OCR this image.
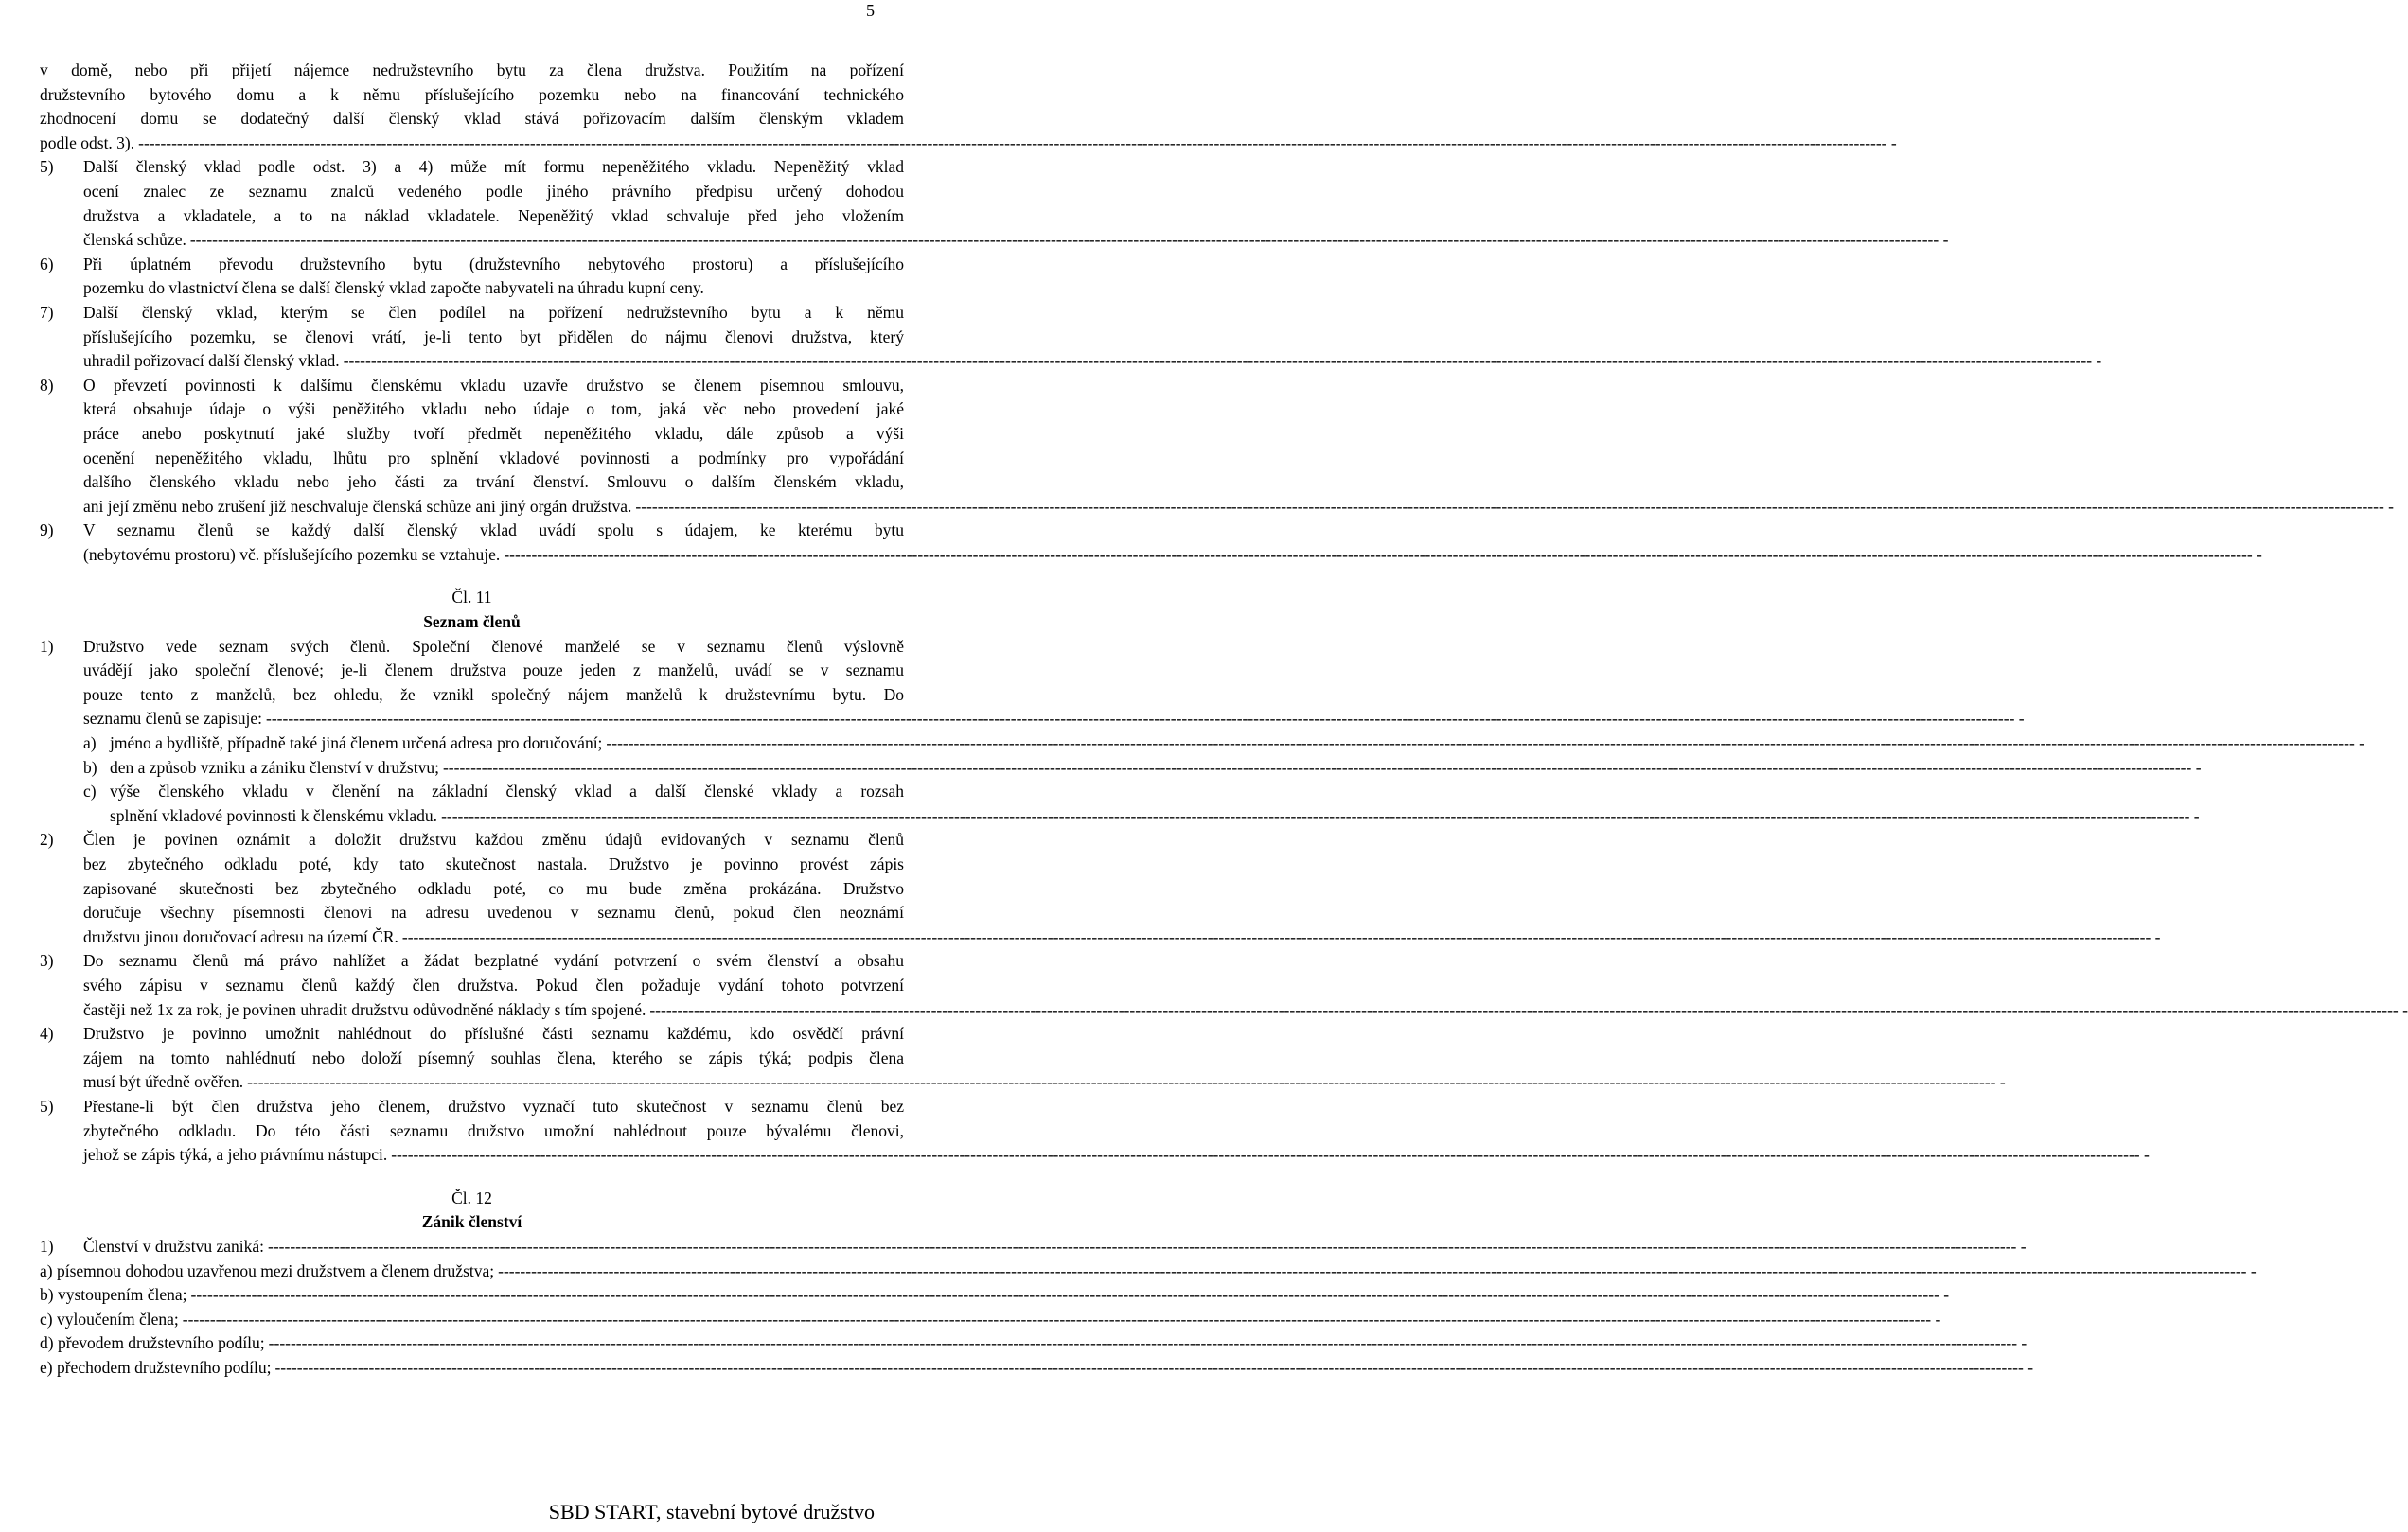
5
v domě, nebo při přijetí nájemce nedružstevního bytu za člena družstva. Použitím na pořízení
družstevního bytového domu a k němu příslušejícího pozemku nebo na financování technického
zhodnocení domu se dodatečný další členský vklad stává pořizovacím dalším členským vkladem
podle odst. 3). ----------------------------------------------------------------------------------------------------------------------------------------------------------------------------------------------------------------------------------------------------------------------------------------------------------------------------- -
5) Další členský vklad podle odst. 3) a 4) může mít formu nepeněžitého vkladu. Nepeněžitý vklad
ocení znalec ze seznamu znalců vedeného podle jiného právního předpisu určený dohodou
družstva a vkladatele, a to na náklad vkladatele. Nepeněžitý vklad schvaluje před jeho vložením
členská schůze. ----------------------------------------------------------------------------------------------------------------------------------------------------------------------------------------------------------------------------------------------------------------------------------------------------------------------------- -
6) Při úplatném převodu družstevního bytu (družstevního nebytového prostoru) a příslušejícího
pozemku do vlastnictví člena se další členský vklad započte nabyvateli na úhradu kupní ceny.
7) Další členský vklad, kterým se člen podílel na pořízení nedružstevního bytu a k němu
příslušejícího pozemku, se členovi vrátí, je-li tento byt přidělen do nájmu členovi družstva, který
uhradil pořizovací další členský vklad. ----------------------------------------------------------------------------------------------------------------------------------------------------------------------------------------------------------------------------------------------------------------------------------------------------------------------------- -
8) O převzetí povinnosti k dalšímu členskému vkladu uzavře družstvo se členem písemnou smlouvu,
která obsahuje údaje o výši peněžitého vkladu nebo údaje o tom, jaká věc nebo provedení jaké
práce anebo poskytnutí jaké služby tvoří předmět nepeněžitého vkladu, dále způsob a výši
ocenění nepeněžitého vkladu, lhůtu pro splnění vkladové povinnosti a podmínky pro vypořádání
dalšího členského vkladu nebo jeho části za trvání členství. Smlouvu o dalším členském vkladu,
ani její změnu nebo zrušení již neschvaluje členská schůze ani jiný orgán družstva. ----------------------------------------------------------------------------------------------------------------------------------------------------------------------------------------------------------------------------------------------------------------------------------------------------------------------------- -
9) V seznamu členů se každý další členský vklad uvádí spolu s údajem, ke kterému bytu
(nebytovému prostoru) vč. příslušejícího pozemku se vztahuje. ----------------------------------------------------------------------------------------------------------------------------------------------------------------------------------------------------------------------------------------------------------------------------------------------------------------------------- -
Čl. 11
Seznam členů
1) Družstvo vede seznam svých členů. Společní členové manželé se v seznamu členů výslovně
uvádějí jako společní členové; je-li členem družstva pouze jeden z manželů, uvádí se v seznamu
pouze tento z manželů, bez ohledu, že vznikl společný nájem manželů k družstevnímu bytu. Do
seznamu členů se zapisuje: ----------------------------------------------------------------------------------------------------------------------------------------------------------------------------------------------------------------------------------------------------------------------------------------------------------------------------- -
a) jméno a bydliště, případně také jiná členem určená adresa pro doručování; ----------------------------------------------------------------------------------------------------------------------------------------------------------------------------------------------------------------------------------------------------------------------------------------------------------------------------- -
b) den a způsob vzniku a zániku členství v družstvu; ----------------------------------------------------------------------------------------------------------------------------------------------------------------------------------------------------------------------------------------------------------------------------------------------------------------------------- -
c) výše členského vkladu v členění na základní členský vklad a další členské vklady a rozsah
splnění vkladové povinnosti k členskému vkladu. ----------------------------------------------------------------------------------------------------------------------------------------------------------------------------------------------------------------------------------------------------------------------------------------------------------------------------- -
2) Člen je povinen oznámit a doložit družstvu každou změnu údajů evidovaných v seznamu členů
bez zbytečného odkladu poté, kdy tato skutečnost nastala. Družstvo je povinno provést zápis
zapisované skutečnosti bez zbytečného odkladu poté, co mu bude změna prokázána. Družstvo
doručuje všechny písemnosti členovi na adresu uvedenou v seznamu členů, pokud člen neoznámí
družstvu jinou doručovací adresu na území ČR. ----------------------------------------------------------------------------------------------------------------------------------------------------------------------------------------------------------------------------------------------------------------------------------------------------------------------------- -
3) Do seznamu členů má právo nahlížet a žádat bezplatné vydání potvrzení o svém členství a obsahu
svého zápisu v seznamu členů každý člen družstva. Pokud člen požaduje vydání tohoto potvrzení
častěji než 1x za rok, je povinen uhradit družstvu odůvodněné náklady s tím spojené. ----------------------------------------------------------------------------------------------------------------------------------------------------------------------------------------------------------------------------------------------------------------------------------------------------------------------------- -
4) Družstvo je povinno umožnit nahlédnout do příslušné části seznamu každému, kdo osvědčí právní
zájem na tomto nahlédnutí nebo doloží písemný souhlas člena, kterého se zápis týká; podpis člena
musí být úředně ověřen. ----------------------------------------------------------------------------------------------------------------------------------------------------------------------------------------------------------------------------------------------------------------------------------------------------------------------------- -
5) Přestane-li být člen družstva jeho členem, družstvo vyznačí tuto skutečnost v seznamu členů bez
zbytečného odkladu. Do této části seznamu družstvo umožní nahlédnout pouze bývalému členovi,
jehož se zápis týká, a jeho právnímu nástupci. ----------------------------------------------------------------------------------------------------------------------------------------------------------------------------------------------------------------------------------------------------------------------------------------------------------------------------- -
Čl. 12
Zánik členství
1) Členství v družstvu zaniká: ----------------------------------------------------------------------------------------------------------------------------------------------------------------------------------------------------------------------------------------------------------------------------------------------------------------------------- -
a) písemnou dohodou uzavřenou mezi družstvem a členem družstva; ----------------------------------------------------------------------------------------------------------------------------------------------------------------------------------------------------------------------------------------------------------------------------------------------------------------------------- -
b) vystoupením člena; ----------------------------------------------------------------------------------------------------------------------------------------------------------------------------------------------------------------------------------------------------------------------------------------------------------------------------- -
c) vyloučením člena; ----------------------------------------------------------------------------------------------------------------------------------------------------------------------------------------------------------------------------------------------------------------------------------------------------------------------------- -
d) převodem družstevního podílu; ----------------------------------------------------------------------------------------------------------------------------------------------------------------------------------------------------------------------------------------------------------------------------------------------------------------------------- -
e) přechodem družstevního podílu; ----------------------------------------------------------------------------------------------------------------------------------------------------------------------------------------------------------------------------------------------------------------------------------------------------------------------------- -
SBD START, stavební bytové družstvo
